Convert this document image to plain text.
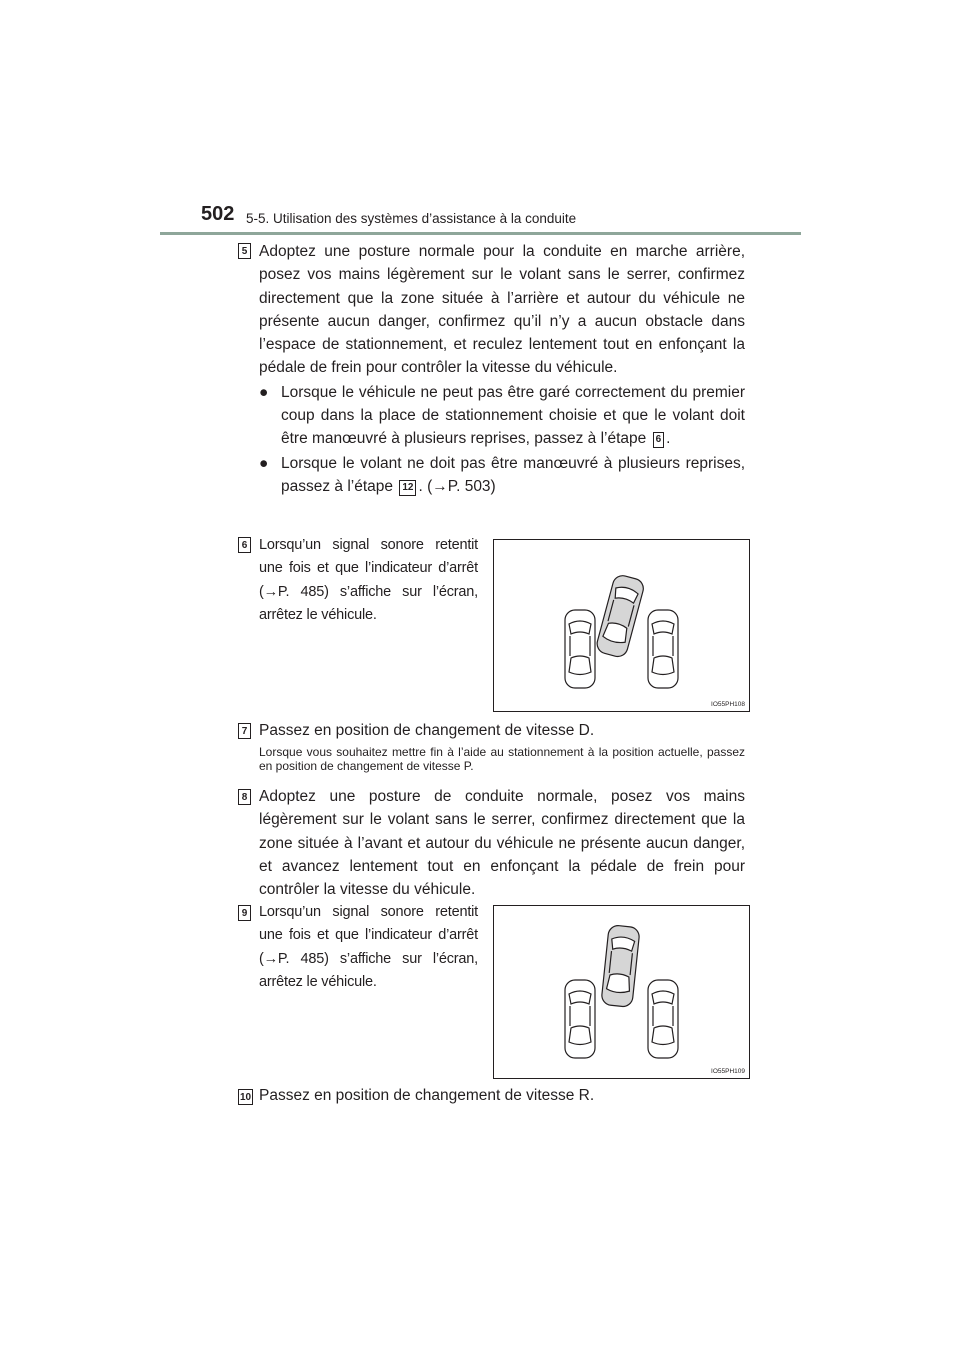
502 5-5. Utilisation des systèmes d’assistance à la conduite
5 Adoptez une posture normale pour la conduite en marche arrière, posez vos mains légèrement sur le volant sans le serrer, confirmez directement que la zone située à l’arrière et autour du véhicule ne présente aucun danger, confirmez qu’il n’y a aucun obstacle dans l’espace de stationnement, et reculez lentement tout en enfonçant la pédale de frein pour contrôler la vitesse du véhicule.

● Lorsque le véhicule ne peut pas être garé correctement du premier coup dans la place de stationnement choisie et que le volant doit être manœuvré à plusieurs reprises, passez à l’étape 6 .
● Lorsque le volant ne doit pas être manœuvré à plusieurs reprises, passez à l’étape 12 . (→P. 503)
6 Lorsqu’un signal sonore retentit une fois et que l’indicateur d’arrêt (→P. 485) s’affiche sur l’écran, arrêtez le véhicule.
IO55PH108
7 Passez en position de changement de vitesse D.
Lorsque vous souhaitez mettre fin à l’aide au stationnement à la position actuelle, passez en position de changement de vitesse P.
8 Adoptez une posture de conduite normale, posez vos mains légèrement sur le volant sans le serrer, confirmez directement que la zone située à l’avant et autour du véhicule ne présente aucun danger, et avancez lentement tout en enfonçant la pédale de frein pour contrôler la vitesse du véhicule.
9 Lorsqu’un signal sonore retentit une fois et que l’indicateur d’arrêt (→P. 485) s’affiche sur l’écran, arrêtez le véhicule.
IO55PH109
10 Passez en position de changement de vitesse R.
